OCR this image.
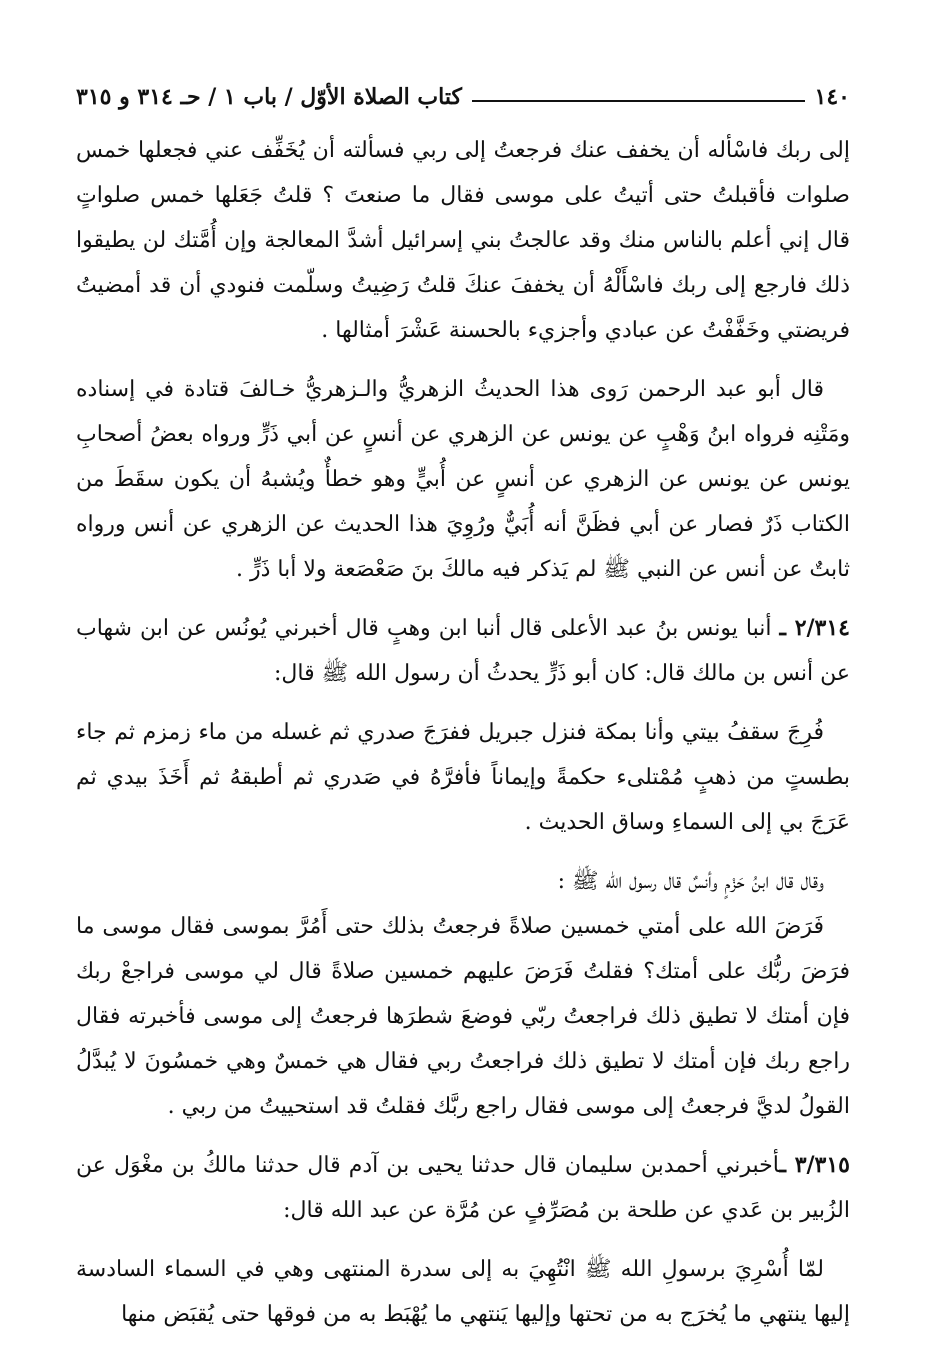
١٤٠
كتاب الصلاة الأوّل / باب ١ / حـ ٣١٤ و ٣١٥

إلى ربك فاسْأله أن يخفف عنك فرجعتُ إلى ربي فسألته أن يُخَفِّف عني فجعلها خمس صلوات فأقبلتُ حتى أتيتُ على موسى فقال ما صنعتَ ؟ قلتُ جَعَلها خمس صلواتٍ قال إني أعلم بالناس منك وقد عالجتُ بني إسرائيل أشدَّ المعالجة وإن أُمَّتك لن يطيقوا ذلك فارجع إلى ربك فاسْأَلْهُ أن يخففَ عنكَ قلتُ رَضِيتُ وسلّمت فنودي أن قد أمضيتُ فريضتي وخَفَّفْتُ عن عبادي وأجزيء بالحسنة عَشْرَ أمثالها .

قال أبو عبد الرحمن رَوى هذا الحديثُ الزهريُّ والـزهريُّ خـالفَ قتادة في إسناده ومَتْنِه فرواه ابنُ وَهْبٍ عن يونس عن الزهري عن أنسٍ عن أبي ذَرٍّ ورواه بعضُ أصحابِ يونس عن يونس عن الزهري عن أنسٍ عن أُبيٍّ وهو خطأٌ ويُشبهُ أن يكون سقَطَ من الكتاب ذَرٌ فصار عن أبي فظَنَّ أنه أُبَيٌّ ورُوِيَ هذا الحديث عن الزهري عن أنس ورواه ثابتٌ عن أنس عن النبي ﷺ لم يَذكر فيه مالكَ بنَ صَعْصَعة ولا أبا ذَرٍّ .

٢/٣١٤ ـ أنبا يونس بنُ عبد الأعلى قال أنبا ابن وهبٍ قال أخبرني يُونُس عن ابن شهاب عن أنس بن مالك قال: كان أبو ذَرٍّ يحدثُ أن رسول الله ﷺ قال:

فُرِجَ سقفُ بيتي وأنا بمكة فنزل جبريل ففرَجَ صدري ثم غسله من ماء زمزم ثم جاء بطستٍ من ذهبٍ مُمْتلىء حكمةً وإيماناً فأفرَّهُ في صَدري ثم أطبقهُ ثم أَخَذَ بيدي ثم عَرَجَ بي إلى السماءِ وساق الحديث .

وقال قال ابنُ حَزْمٍ وأنسٌ قال رسول الله ﷺ :

فَرَضَ الله على أمتي خمسين صلاةً فرجعتُ بذلك حتى أَمُرَّ بموسى فقال موسى ما فرَضَ ربُّك على أمتك؟ فقلتُ فَرَضَ عليهم خمسين صلاةً قال لي موسى فراجعْ ربك فإن أمتك لا تطيق ذلك فراجعتُ ربّي فوضعَ شطرَها فرجعتُ إلى موسى فأخبرته فقال راجع ربك فإن أمتك لا تطيق ذلك فراجعتُ ربي فقال هي خمسٌ وهي خمسُونَ لا يُبدَّلُ القولُ لديَّ فرجعتُ إلى موسى فقال راجع ربَّك فقلتُ قد استحييتُ من ربي .

٣/٣١٥ ـأخبرني أحمدبن سليمان قال حدثنا يحيى بن آدم قال حدثنا مالكُ بن مغْوَل عن الزُبير بن عَدي عن طلحة بن مُصَرِّفٍ عن مُرَّة عن عبد الله قال:

لمّا أُسْرِيَ برسولِ الله ﷺ انْتُهِيَ به إلى سدرة المنتهى وهي في السماء السادسة إليها ينتهي ما يُخرَج به من تحتها وإليها يَنتهي ما يُهْبَط به من فوقها حتى يُقبَض منها
